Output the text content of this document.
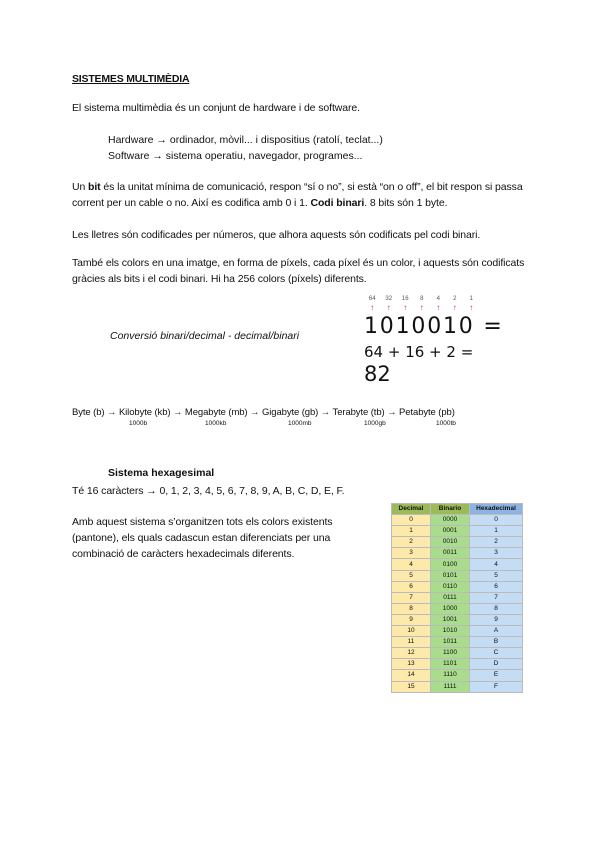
SISTEMES MULTIMÈDIA
El sistema multimèdia és un conjunt de hardware i de software.
Hardware → ordinador, mòvil... i dispositius (ratolí, teclat...)
Software → sistema operatiu, navegador, programes...
Un bit és la unitat mínima de comunicació, respon “sí o no”, si està “on o off”, el bit respon si passa corrent per un cable o no. Així es codifica amb 0 i 1. Codi binari. 8 bits són 1 byte.
Les lletres són codificades per números, que alhora aquests són codificats pel codi binari.
També els colors en una imatge, en forma de píxels, cada píxel és un color, i aquests són codificats gràcies als bits i el codi binari. Hi ha 256 colors (píxels) diferents.
Conversió binari/decimal - decimal/binari
64 32 16 8 4 2 1
↑ ↑ ↑ ↑ ↑ ↑ ↑
1010010 =
64 + 16 + 2 =
82
Byte (b) → Kilobyte (kb) → Megabyte (mb) → Gigabyte (gb) → Terabyte (tb) → Petabyte (pb)
1000b	1000kb	1000mb	1000gb	1000tb
Sistema hexagesimal
Té 16 caràcters → 0, 1, 2, 3, 4, 5, 6, 7, 8, 9, A, B, C, D, E, F.
Amb aquest sistema s’organitzen tots els colors existents (pantone), els quals cadascun estan diferenciats per una combinació de caràcters hexadecimals diferents.
Decimal	Binario	Hexadecimal
0	0000	0
1	0001	1
2	0010	2
3	0011	3
4	0100	4
5	0101	5
6	0110	6
7	0111	7
8	1000	8
9	1001	9
10	1010	A
11	1011	B
12	1100	C
13	1101	D
14	1110	E
15	1111	F
